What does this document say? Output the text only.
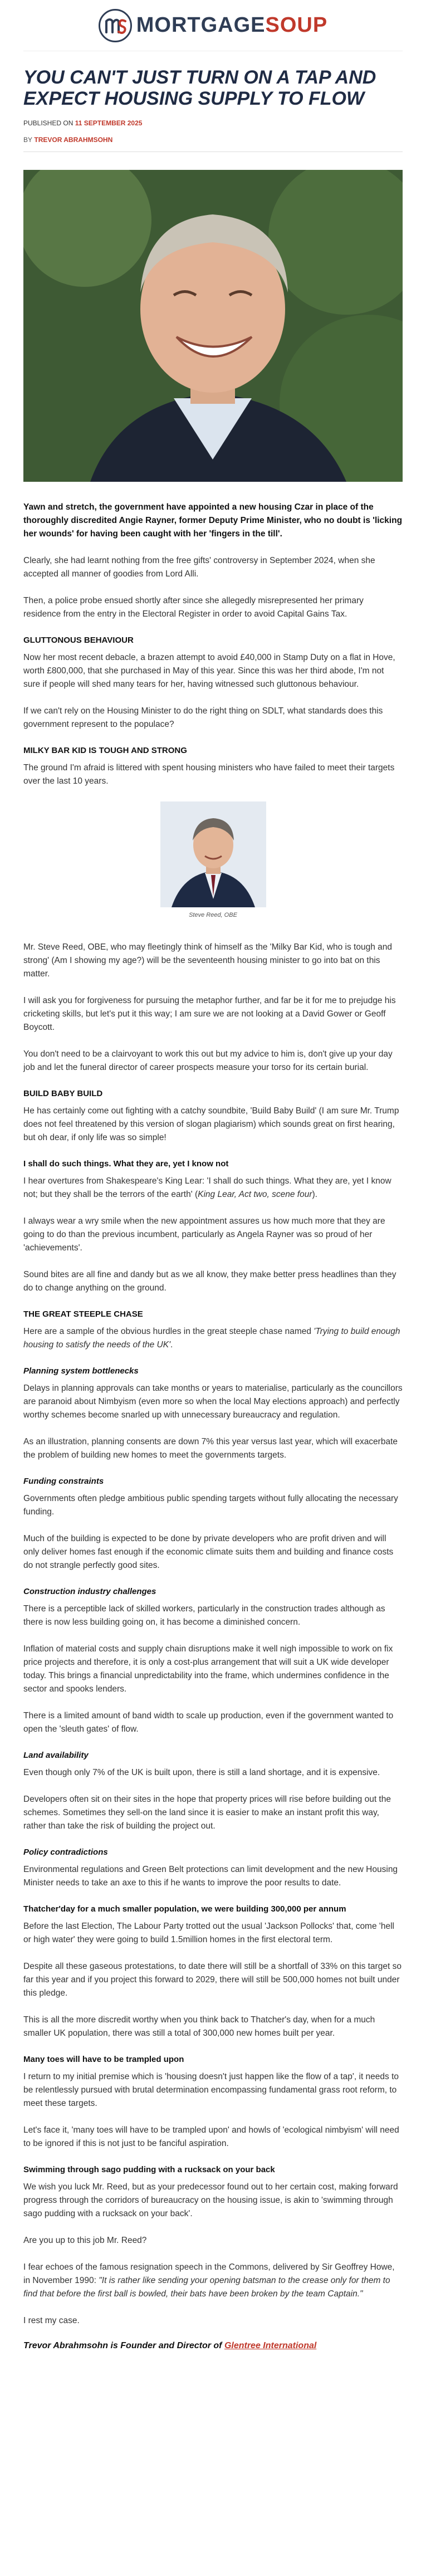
MORTGAGESOUP
YOU CAN'T JUST TURN ON A TAP AND EXPECT HOUSING SUPPLY TO FLOW
PUBLISHED ON 11 SEPTEMBER 2025
BY TREVOR ABRAHMSOHN

Yawn and stretch, the government have appointed a new housing Czar in place of the thoroughly discredited Angie Rayner, former Deputy Prime Minister, who no doubt is 'licking her wounds' for having been caught with her 'fingers in the till'.

Clearly, she had learnt nothing from the free gifts' controversy in September 2024, when she accepted all manner of goodies from Lord Alli.

Then, a police probe ensued shortly after since she allegedly misrepresented her primary residence from the entry in the Electoral Register in order to avoid Capital Gains Tax.

GLUTTONOUS BEHAVIOUR

Now her most recent debacle, a brazen attempt to avoid £40,000 in Stamp Duty on a flat in Hove, worth £800,000, that she purchased in May of this year. Since this was her third abode, I'm not sure if people will shed many tears for her, having witnessed such gluttonous behaviour.

If we can't rely on the Housing Minister to do the right thing on SDLT, what standards does this government represent to the populace?

MILKY BAR KID IS TOUGH AND STRONG

The ground I'm afraid is littered with spent housing ministers who have failed to meet their targets over the last 10 years.

Steve Reed, OBE

Mr. Steve Reed, OBE, who may fleetingly think of himself as the 'Milky Bar Kid, who is tough and strong' (Am I showing my age?) will be the seventeenth housing minister to go into bat on this matter.

I will ask you for forgiveness for pursuing the metaphor further, and far be it for me to prejudge his cricketing skills, but let's put it this way; I am sure we are not looking at a David Gower or Geoff Boycott.

You don't need to be a clairvoyant to work this out but my advice to him is, don't give up your day job and let the funeral director of career prospects measure your torso for its certain burial.

BUILD BABY BUILD

He has certainly come out fighting with a catchy soundbite, 'Build Baby Build' (I am sure Mr. Trump does not feel threatened by this version of slogan plagiarism) which sounds great on first hearing, but oh dear, if only life was so simple!

I shall do such things. What they are, yet I know not

I hear overtures from Shakespeare's King Lear: 'I shall do such things. What they are, yet I know not; but they shall be the terrors of the earth' (King Lear, Act two, scene four).

I always wear a wry smile when the new appointment assures us how much more that they are going to do than the previous incumbent, particularly as Angela Rayner was so proud of her 'achievements'.

Sound bites are all fine and dandy but as we all know, they make better press headlines than they do to change anything on the ground.

THE GREAT STEEPLE CHASE

Here are a sample of the obvious hurdles in the great steeple chase named 'Trying to build enough housing to satisfy the needs of the UK'.

Planning system bottlenecks

Delays in planning approvals can take months or years to materialise, particularly as the councillors are paranoid about Nimbyism (even more so when the local May elections approach) and perfectly worthy schemes become snarled up with unnecessary bureaucracy and regulation.

As an illustration, planning consents are down 7% this year versus last year, which will exacerbate the problem of building new homes to meet the governments targets.

Funding constraints

Governments often pledge ambitious public spending targets without fully allocating the necessary funding.

Much of the building is expected to be done by private developers who are profit driven and will only deliver homes fast enough if the economic climate suits them and building and finance costs do not strangle perfectly good sites.

Construction industry challenges

There is a perceptible lack of skilled workers, particularly in the construction trades although as there is now less building going on, it has become a diminished concern.

Inflation of material costs and supply chain disruptions make it well nigh impossible to work on fix price projects and therefore, it is only a cost-plus arrangement that will suit a UK wide developer today. This brings a financial unpredictability into the frame, which undermines confidence in the sector and spooks lenders.

There is a limited amount of band width to scale up production, even if the government wanted to open the 'sleuth gates' of flow.

Land availability

Even though only 7% of the UK is built upon, there is still a land shortage, and it is expensive.

Developers often sit on their sites in the hope that property prices will rise before building out the schemes. Sometimes they sell-on the land since it is easier to make an instant profit this way, rather than take the risk of building the project out.

Policy contradictions

Environmental regulations and Green Belt protections can limit development and the new Housing Minister needs to take an axe to this if he wants to improve the poor results to date.

Thatcher'day for a much smaller population, we were building 300,000 per annum

Before the last Election, The Labour Party trotted out the usual 'Jackson Pollocks' that, come 'hell or high water' they were going to build 1.5million homes in the first electoral term.

Despite all these gaseous protestations, to date there will still be a shortfall of 33% on this target so far this year and if you project this forward to 2029, there will still be 500,000 homes not built under this pledge.

This is all the more discredit worthy when you think back to Thatcher's day, when for a much smaller UK population, there was still a total of 300,000 new homes built per year.

Many toes will have to be trampled upon

I return to my initial premise which is 'housing doesn't just happen like the flow of a tap', it needs to be relentlessly pursued with brutal determination encompassing fundamental grass root reform, to meet these targets.

Let's face it, 'many toes will have to be trampled upon' and howls of 'ecological nimbyism' will need to be ignored if this is not just to be fanciful aspiration.

Swimming through sago pudding with a rucksack on your back

We wish you luck Mr. Reed, but as your predecessor found out to her certain cost, making forward progress through the corridors of bureaucracy on the housing issue, is akin to 'swimming through sago pudding with a rucksack on your back'.

Are you up to this job Mr. Reed?

I fear echoes of the famous resignation speech in the Commons, delivered by Sir Geoffrey Howe, in November 1990: "It is rather like sending your opening batsman to the crease only for them to find that before the first ball is bowled, their bats have been broken by the team Captain."

I rest my case.

Trevor Abrahmsohn is Founder and Director of Glentree International
